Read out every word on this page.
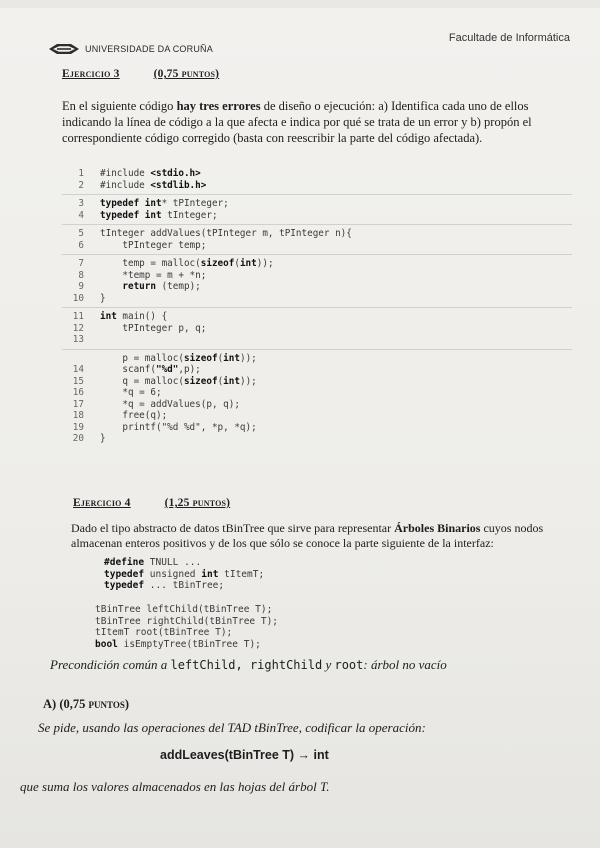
UNIVERSIDADE DA CORUÑA
Facultade de Informática
Ejercicio 3	(0,75 puntos)
En el siguiente código hay tres errores de diseño o ejecución: a) Identifica cada uno de ellos indicando la línea de código a la que afecta e indica por qué se trata de un error y b) propón el correspondiente código corregido (basta con reescribir la parte del código afectada).
1 #include <stdio.h>
2 #include <stdlib.h>
3 typedef int* tPInteger;
4 typedef int tInteger;
5 tInteger addValues(tPInteger m, tPInteger n){
6 tPInteger temp;
7 temp = malloc(sizeof(int));
8 *temp = m + *n;
9	return (temp);
10 }
11 int main() {
12 tPInteger p, q;
13
p = malloc(sizeof(int));
14 scanf("%d",p);
15 q = malloc(sizeof(int));
16 *q = 6;
17 *q = addValues(p, q);
18 free(q);
19 printf("%d %d", *p, *q);
20 }
Ejercicio 4	(1,25 puntos)
Dado el tipo abstracto de datos tBinTree que sirve para representar Árboles Binarios cuyos nodos almacenan enteros positivos y de los que sólo se conoce la parte siguiente de la interfaz:
#define TNULL ...
typedef unsigned int tItemT;
typedef ... tBinTree;
tBinTree leftChild(tBinTree T);
tBinTree rightChild(tBinTree T);
tItemT root(tBinTree T);
bool isEmptyTree(tBinTree T);
Precondición común a leftChild, rightChild y root: árbol no vacío
A) (0,75 puntos)
Se pide, usando las operaciones del TAD tBinTree, codificar la operación:
addLeaves(tBinTree T) → int
que suma los valores almacenados en las hojas del árbol T.
